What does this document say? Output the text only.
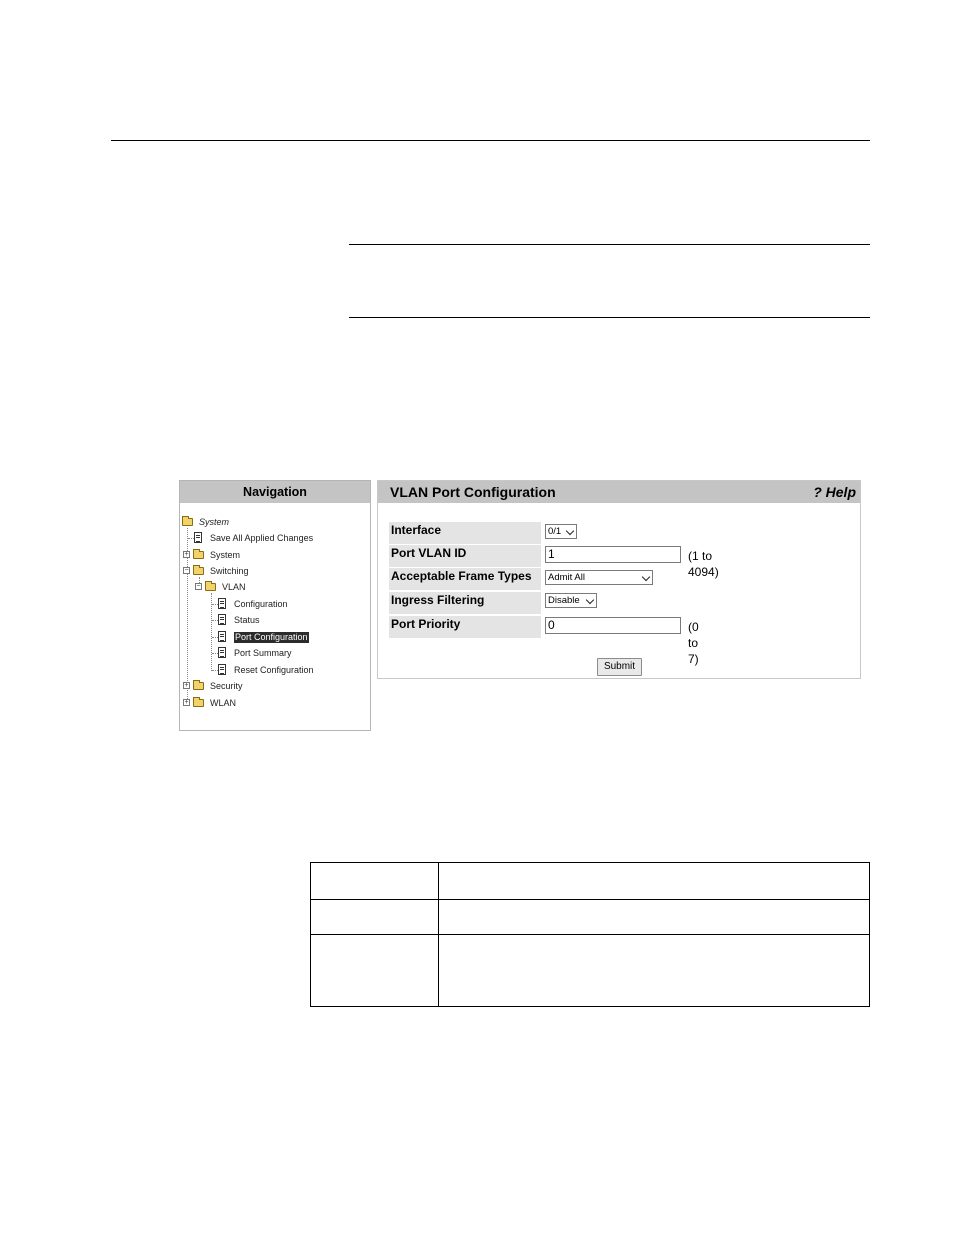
Navigation
System
Save All Applied Changes
+ System
− Switching
− VLAN
Configuration
Status
Port Configuration
Port Summary
Reset Configuration
+ Security
+ WLAN
VLAN Port Configuration	? Help
Interface	0/1
Port VLAN ID	1	(1 to 4094)
Acceptable Frame Types	Admit All
Ingress Filtering	Disable
Port Priority	0	(0 to 7)
Submit
